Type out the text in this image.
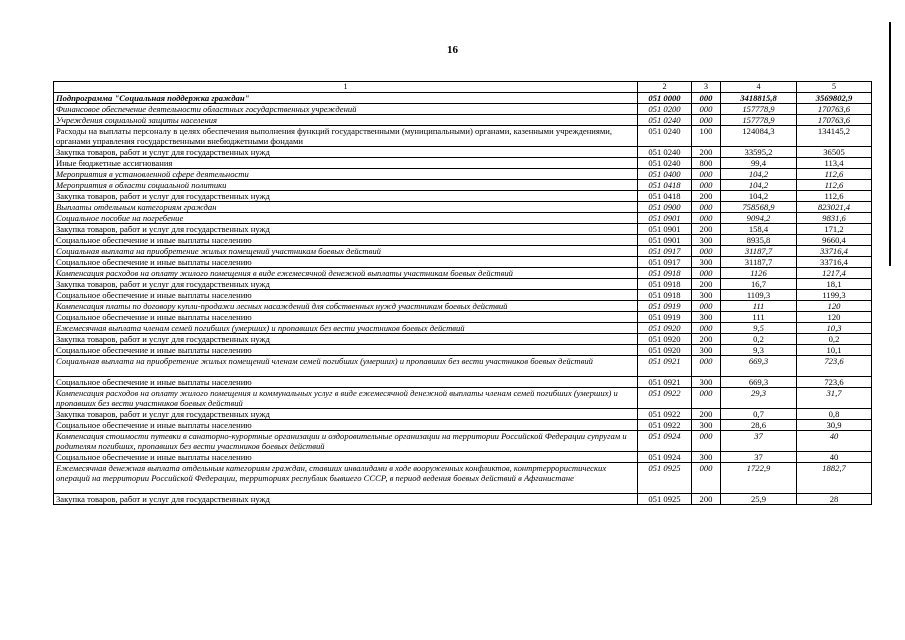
16
1	2	3	4	5
Подпрограмма "Социальная поддержка граждан"	051 0000	000	3418815,8	3569802,9
Финансовое обеспечение деятельности областных государственных учреждений	051 0200	000	157778,9	170763,6
Учреждения социальной защиты населения	051 0240	000	157778,9	170763,6
Расходы на выплаты персоналу в целях обеспечения выполнения функций государственными (муниципальными) органами, казенными учреждениями, органами управления государственными внебюджетными фондами	051 0240	100	124084,3	134145,2
Закупка товаров, работ и услуг для государственных нужд	051 0240	200	33595,2	36505
Иные бюджетные ассигнования	051 0240	800	99,4	113,4
Мероприятия в установленной сфере деятельности	051 0400	000	104,2	112,6
Мероприятия в области социальной политики	051 0418	000	104,2	112,6
Закупка товаров, работ и услуг для государственных нужд	051 0418	200	104,2	112,6
Выплаты отдельным категориям граждан	051 0900	000	758568,9	823021,4
Социальное пособие на погребение	051 0901	000	9094,2	9831,6
Закупка товаров, работ и услуг для государственных нужд	051 0901	200	158,4	171,2
Социальное обеспечение и иные выплаты населению	051 0901	300	8935,8	9660,4
Социальная выплата на приобретение жилых помещений участникам боевых действий	051 0917	000	31187,7	33716,4
Социальное обеспечение и иные выплаты населению	051 0917	300	31187,7	33716,4
Компенсация расходов на оплату жилого помещения в виде ежемесячной денежной выплаты участникам боевых действий	051 0918	000	1126	1217,4
Закупка товаров, работ и услуг для государственных нужд	051 0918	200	16,7	18,1
Социальное обеспечение и иные выплаты населению	051 0918	300	1109,3	1199,3
Компенсация платы по договору купли-продажи лесных насаждений для собственных нужд участникам боевых действий	051 0919	000	111	120
Социальное обеспечение и иные выплаты населению	051 0919	300	111	120
Ежемесячная выплата членам семей погибших (умерших) и пропавших без вести участников боевых действий	051 0920	000	9,5	10,3
Закупка товаров, работ и услуг для государственных нужд	051 0920	200	0,2	0,2
Социальное обеспечение и иные выплаты населению	051 0920	300	9,3	10,1
Социальная выплата на приобретение жилых помещений членам семей погибших (умерших) и пропавших без вести участников боевых действий	051 0921	000	669,3	723,6
Социальное обеспечение и иные выплаты населению	051 0921	300	669,3	723,6
Компенсация расходов на оплату жилого помещения и коммунальных услуг в виде ежемесячной денежной выплаты членам семей погибших (умерших) и пропавших без вести участников боевых действий	051 0922	000	29,3	31,7
Закупка товаров, работ и услуг для государственных нужд	051 0922	200	0,7	0,8
Социальное обеспечение и иные выплаты населению	051 0922	300	28,6	30,9
Компенсация стоимости путевки в санаторно-курортные организации и оздоровительные организации на территории Российской Федерации супругам и родителям погибших, пропавших без вести участников боевых действий	051 0924	000	37	40
Социальное обеспечение и иные выплаты населению	051 0924	300	37	40
Ежемесячная денежная выплата отдельным категориям граждан, ставших инвалидами в ходе вооруженных конфликтов, контртеррористических операций на территории Российской Федерации, территориях республик бывшего СССР, в период ведения боевых действий в Афганистане	051 0925	000	1722,9	1882,7
Закупка товаров, работ и услуг для государственных нужд	051 0925	200	25,9	28
